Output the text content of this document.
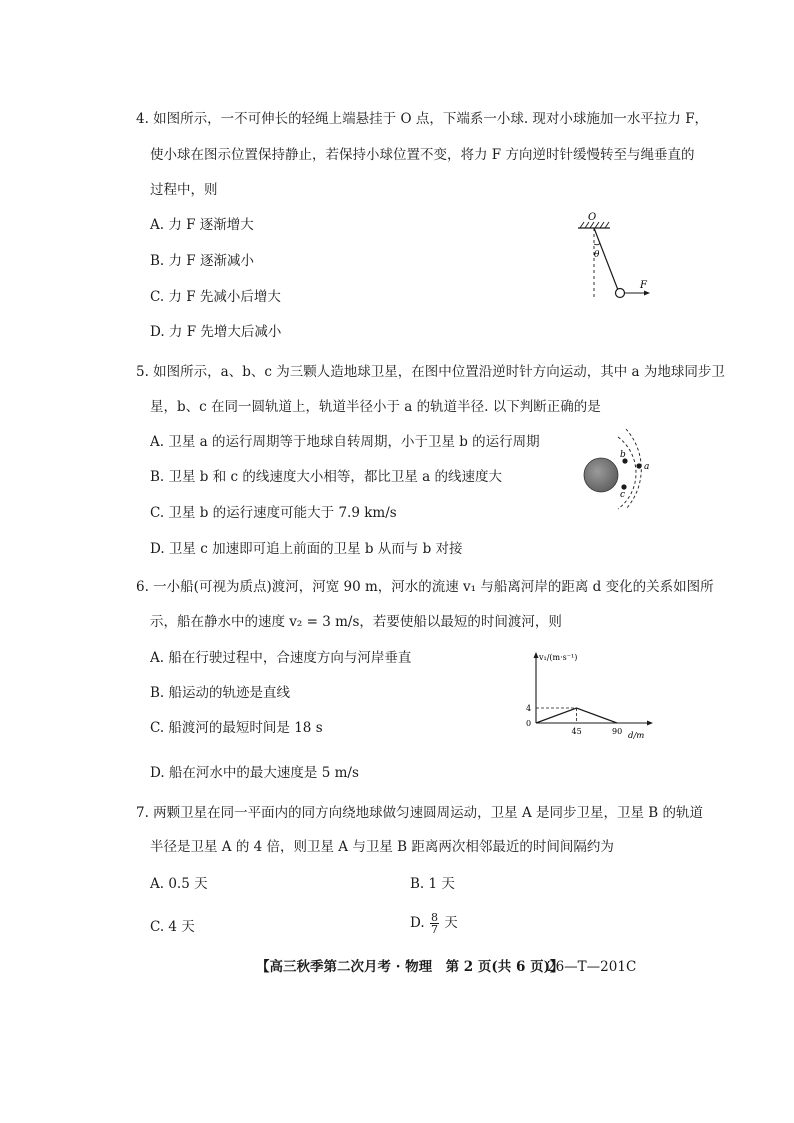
4. 如图所示，一不可伸长的轻绳上端悬挂于 O 点，下端系一小球. 现对小球施加一水平拉力 F，
使小球在图示位置保持静止，若保持小球位置不变，将力 F 方向逆时针缓慢转至与绳垂直的
过程中，则
A. 力 F 逐渐增大
B. 力 F 逐渐减小
C. 力 F 先减小后增大
D. 力 F 先增大后减小
O
θ
F
5. 如图所示，a、b、c 为三颗人造地球卫星，在图中位置沿逆时针方向运动，其中 a 为地球同步卫
星，b、c 在同一圆轨道上，轨道半径小于 a 的轨道半径. 以下判断正确的是
A. 卫星 a 的运行周期等于地球自转周期，小于卫星 b 的运行周期
B. 卫星 b 和 c 的线速度大小相等，都比卫星 a 的线速度大
C. 卫星 b 的运行速度可能大于 7.9 km/s
D. 卫星 c 加速即可追上前面的卫星 b 从而与 b 对接
b
a
c
6. 一小船(可视为质点)渡河，河宽 90 m，河水的流速 v₁ 与船离河岸的距离 d 变化的关系如图所
示，船在静水中的速度 v₂ = 3 m/s，若要使船以最短的时间渡河，则
A. 船在行驶过程中，合速度方向与河岸垂直
B. 船运动的轨迹是直线
C. 船渡河的最短时间是 18 s
D. 船在河水中的最大速度是 5 m/s
v₁/(m·s⁻¹)
d/m
0
4
45	90
7. 两颗卫星在同一平面内的同方向绕地球做匀速圆周运动，卫星 A 是同步卫星，卫星 B 的轨道
半径是卫星 A 的 4 倍，则卫星 A 与卫星 B 距离两次相邻最近的时间间隔约为
A. 0.5 天	B. 1 天
C. 4 天	D. $\frac{8}{7}$ 天
【高三秋季第二次月考 · 物理　第 2 页(共 6 页)】
26—T—201C
